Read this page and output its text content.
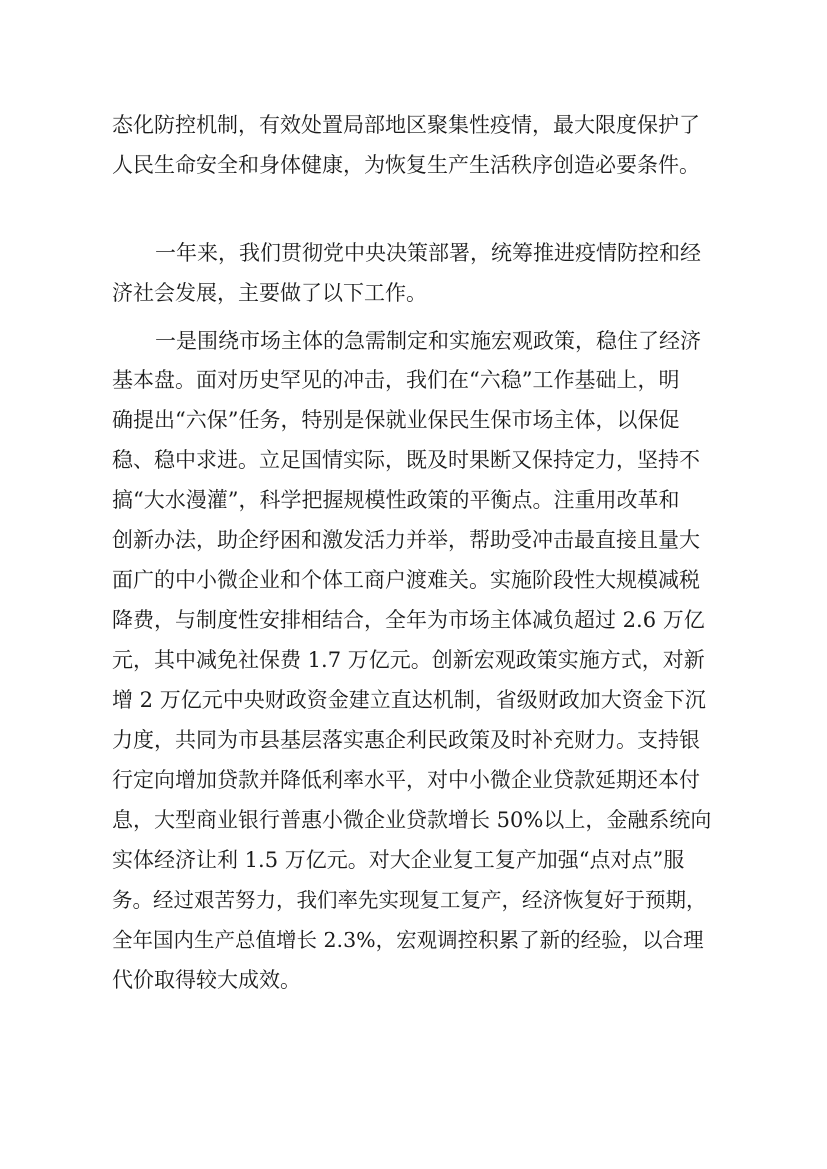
态化防控机制，有效处置局部地区聚集性疫情，最大限度保护了
人民生命安全和身体健康，为恢复生产生活秩序创造必要条件。
一年来，我们贯彻党中央决策部署，统筹推进疫情防控和经
济社会发展，主要做了以下工作。
一是围绕市场主体的急需制定和实施宏观政策，稳住了经济
基本盘。面对历史罕见的冲击，我们在“六稳”工作基础上，明
确提出“六保”任务，特别是保就业保民生保市场主体，以保促
稳、稳中求进。立足国情实际，既及时果断又保持定力，坚持不
搞“大水漫灌”，科学把握规模性政策的平衡点。注重用改革和
创新办法，助企纾困和激发活力并举，帮助受冲击最直接且量大
面广的中小微企业和个体工商户渡难关。实施阶段性大规模减税
降费，与制度性安排相结合，全年为市场主体减负超过 2.6 万亿
元，其中减免社保费 1.7 万亿元。创新宏观政策实施方式，对新
增 2 万亿元中央财政资金建立直达机制，省级财政加大资金下沉
力度，共同为市县基层落实惠企利民政策及时补充财力。支持银
行定向增加贷款并降低利率水平，对中小微企业贷款延期还本付
息，大型商业银行普惠小微企业贷款增长 50%以上，金融系统向
实体经济让利 1.5 万亿元。对大企业复工复产加强“点对点”服
务。经过艰苦努力，我们率先实现复工复产，经济恢复好于预期，
全年国内生产总值增长 2.3%，宏观调控积累了新的经验，以合理
代价取得较大成效。
